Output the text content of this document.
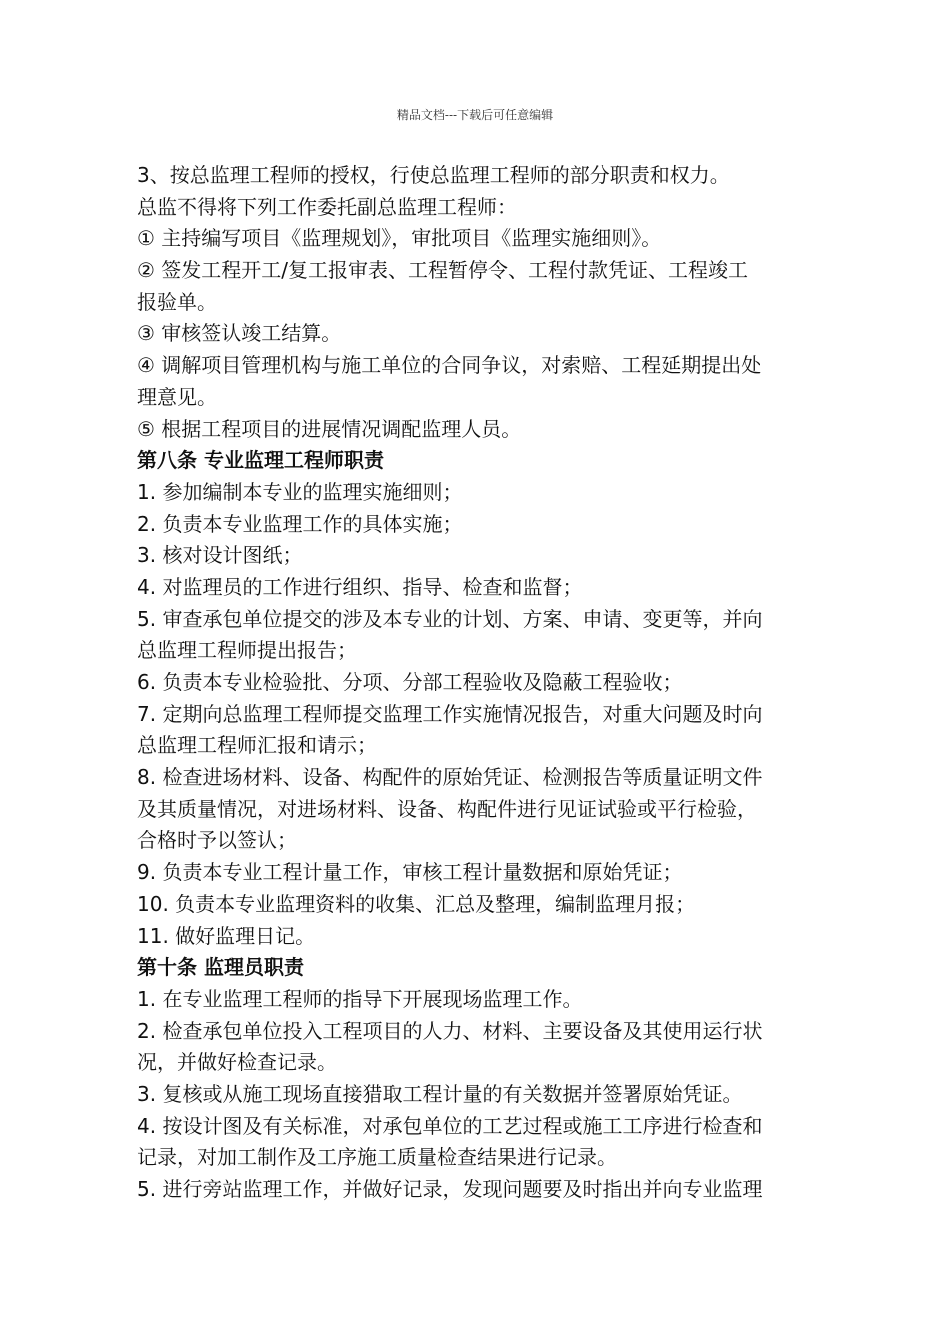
精品文档---下载后可任意编辑
3、按总监理工程师的授权，行使总监理工程师的部分职责和权力。
总监不得将下列工作委托副总监理工程师：
① 主持编写项目《监理规划》，审批项目《监理实施细则》。
② 签发工程开工/复工报审表、工程暂停令、工程付款凭证、工程竣工
报验单。
③ 审核签认竣工结算。
④ 调解项目管理机构与施工单位的合同争议，对索赔、工程延期提出处
理意见。
⑤ 根据工程项目的进展情况调配监理人员。
第八条 专业监理工程师职责
1. 参加编制本专业的监理实施细则；
2. 负责本专业监理工作的具体实施；
3. 核对设计图纸；
4. 对监理员的工作进行组织、指导、检查和监督；
5. 审查承包单位提交的涉及本专业的计划、方案、申请、变更等，并向
总监理工程师提出报告；
6. 负责本专业检验批、分项、分部工程验收及隐蔽工程验收；
7. 定期向总监理工程师提交监理工作实施情况报告，对重大问题及时向
总监理工程师汇报和请示；
8. 检查进场材料、设备、构配件的原始凭证、检测报告等质量证明文件
及其质量情况，对进场材料、设备、构配件进行见证试验或平行检验，
合格时予以签认；
9. 负责本专业工程计量工作，审核工程计量数据和原始凭证；
10. 负责本专业监理资料的收集、汇总及整理，编制监理月报；
11. 做好监理日记。
第十条 监理员职责
1. 在专业监理工程师的指导下开展现场监理工作。
2. 检查承包单位投入工程项目的人力、材料、主要设备及其使用运行状
况，并做好检查记录。
3. 复核或从施工现场直接猎取工程计量的有关数据并签署原始凭证。
4. 按设计图及有关标准，对承包单位的工艺过程或施工工序进行检查和
记录，对加工制作及工序施工质量检查结果进行记录。
5. 进行旁站监理工作，并做好记录，发现问题要及时指出并向专业监理
